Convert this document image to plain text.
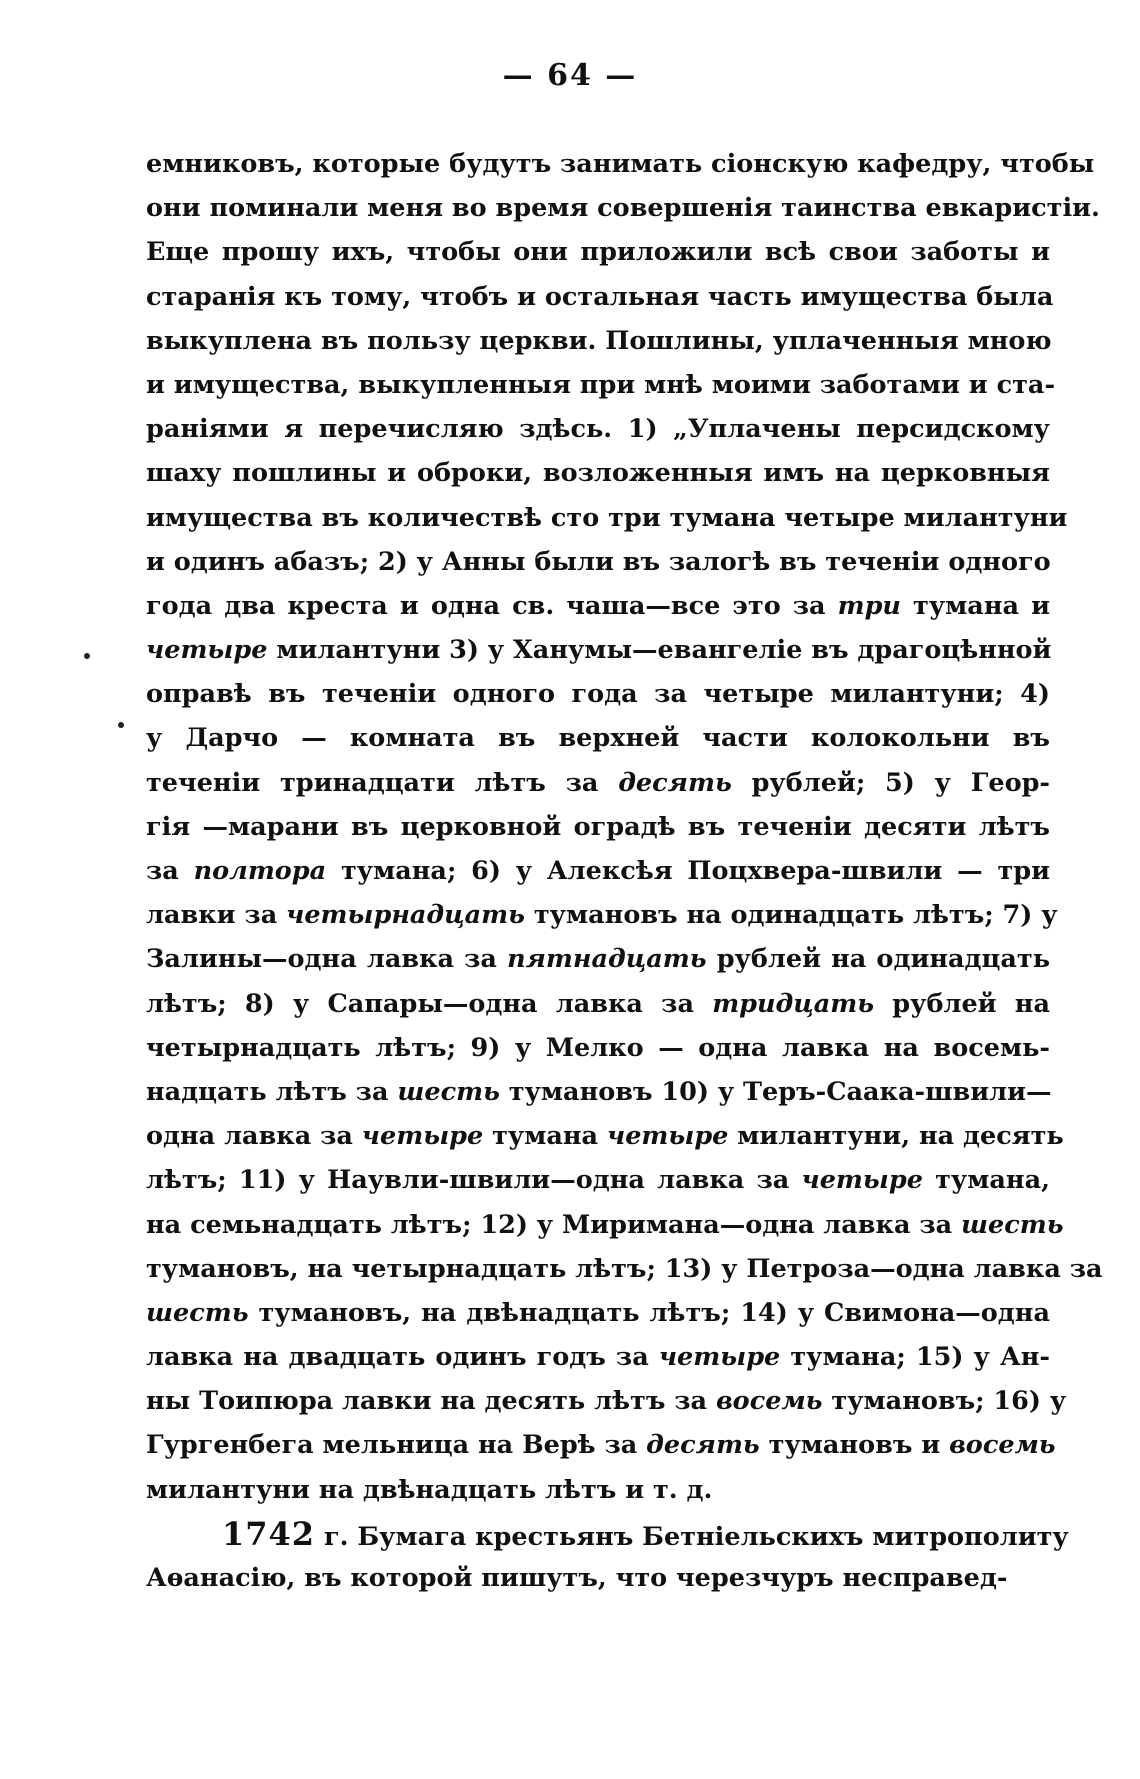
— 64 —
емниковъ, которые будутъ занимать сіонскую кафедру, чтобы
они поминали меня во время совершенія таинства евкаристіи.
Еще прошу ихъ, чтобы они приложили всѣ свои заботы и
старанія къ тому, чтобъ и остальная часть имущества была
выкуплена въ пользу церкви. Пошлины, уплаченныя мною
и имущества, выкупленныя при мнѣ моими заботами и ста-
раніями я перечисляю здѣсь. 1) „Уплачены персидскому
шаху пошлины и оброки, возложенныя имъ на церковныя
имущества въ количествѣ сто три тумана четыре милантуни
и одинъ абазъ; 2) у Анны были въ залогѣ въ теченіи одного
года два креста и одна св. чаша—все это за три тумана и
четыре милантуни 3) у Ханумы—евангеліе въ драгоцѣнной
оправѣ въ теченіи одного года за четыре милантуни; 4)
у Дарчо — комната въ верхней части колокольни въ
теченіи тринадцати лѣтъ за десять рублей; 5) у Геор-
гія —марани въ церковной оградѣ въ теченіи десяти лѣтъ
за полтора тумана; 6) у Алексѣя Поцхвера-швили — три
лавки за четырнадцать тумановъ на одинадцать лѣтъ; 7) у
Залины—одна лавка за пятнадцать рублей на одинадцать
лѣтъ; 8) у Сапары—одна лавка за тридцать рублей на
четырнадцать лѣтъ; 9) у Мелко — одна лавка на восемь-
надцать лѣтъ за шесть тумановъ 10) у Теръ-Саака-швили—
одна лавка за четыре тумана четыре милантуни, на десять
лѣтъ; 11) у Наувли-швили—одна лавка за четыре тумана,
на семьнадцать лѣтъ; 12) у Миримана—одна лавка за шесть
тумановъ, на четырнадцать лѣтъ; 13) у Петроза—одна лавка за
шесть тумановъ, на двѣнадцать лѣтъ; 14) у Свимона—одна
лавка на двадцать одинъ годъ за четыре тумана; 15) у Ан-
ны Тоипюра лавки на десять лѣтъ за восемь тумановъ; 16) у
Гургенбега мельница на Верѣ за десять тумановъ и восемь
милантуни на двѣнадцать лѣтъ и т. д.
1742 г. Бумага крестьянъ Бетніельскихъ митрополиту
Аѳанасію, въ которой пишутъ, что черезчуръ несправед-
